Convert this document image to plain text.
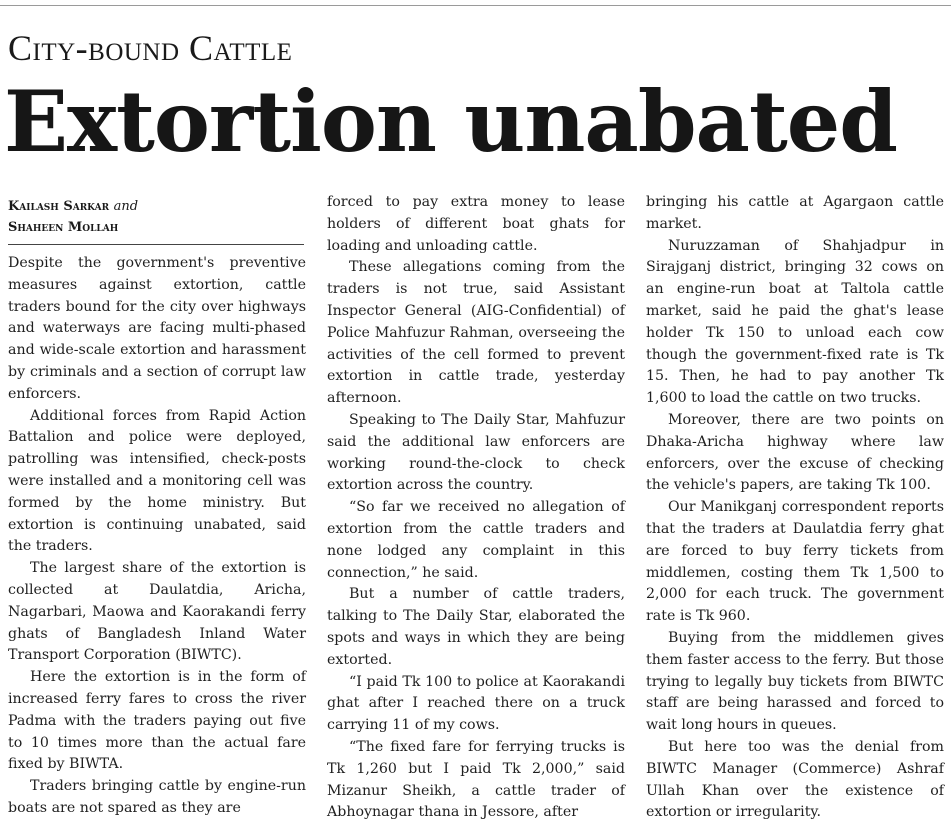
City-bound Cattle
Extortion unabated
Kailash Sarkar and
Shaheen Mollah

Despite the government's preventive measures against extortion, cattle traders bound for the city over highways and waterways are facing multi-phased and wide-scale extortion and harassment by criminals and a section of corrupt law enforcers.

Additional forces from Rapid Action Battalion and police were deployed, patrolling was intensified, check-posts were installed and a monitoring cell was formed by the home ministry. But extortion is continuing unabated, said the traders.

The largest share of the extortion is collected at Daulatdia, Aricha, Nagarbari, Maowa and Kaorakandi ferry ghats of Bangladesh Inland Water Transport Corporation (BIWTC).

Here the extortion is in the form of increased ferry fares to cross the river Padma with the traders paying out five to 10 times more than the actual fare fixed by BIWTA.

Traders bringing cattle by engine-run boats are not spared as they are

forced to pay extra money to lease holders of different boat ghats for loading and unloading cattle.

These allegations coming from the traders is not true, said Assistant Inspector General (AIG-Confidential) of Police Mahfuzur Rahman, overseeing the activities of the cell formed to prevent extortion in cattle trade, yesterday afternoon.

Speaking to The Daily Star, Mahfuzur said the additional law enforcers are working round-the-clock to check extortion across the country.

“So far we received no allegation of extortion from the cattle traders and none lodged any complaint in this connection,” he said.

But a number of cattle traders, talking to The Daily Star, elaborated the spots and ways in which they are being extorted.

“I paid Tk 100 to police at Kaorakandi ghat after I reached there on a truck carrying 11 of my cows.

“The fixed fare for ferrying trucks is Tk 1,260 but I paid Tk 2,000,” said Mizanur Sheikh, a cattle trader of Abhoynagar thana in Jessore, after

bringing his cattle at Agargaon cattle market.

Nuruzzaman of Shahjadpur in Sirajganj district, bringing 32 cows on an engine-run boat at Taltola cattle market, said he paid the ghat's lease holder Tk 150 to unload each cow though the government-fixed rate is Tk 15. Then, he had to pay another Tk 1,600 to load the cattle on two trucks.

Moreover, there are two points on Dhaka-Aricha highway where law enforcers, over the excuse of checking the vehicle's papers, are taking Tk 100.

Our Manikganj correspondent reports that the traders at Daulatdia ferry ghat are forced to buy ferry tickets from middlemen, costing them Tk 1,500 to 2,000 for each truck. The government rate is Tk 960.

Buying from the middlemen gives them faster access to the ferry. But those trying to legally buy tickets from BIWTC staff are being harassed and forced to wait long hours in queues.

But here too was the denial from BIWTC Manager (Commerce) Ashraf Ullah Khan over the existence of extortion or irregularity.
